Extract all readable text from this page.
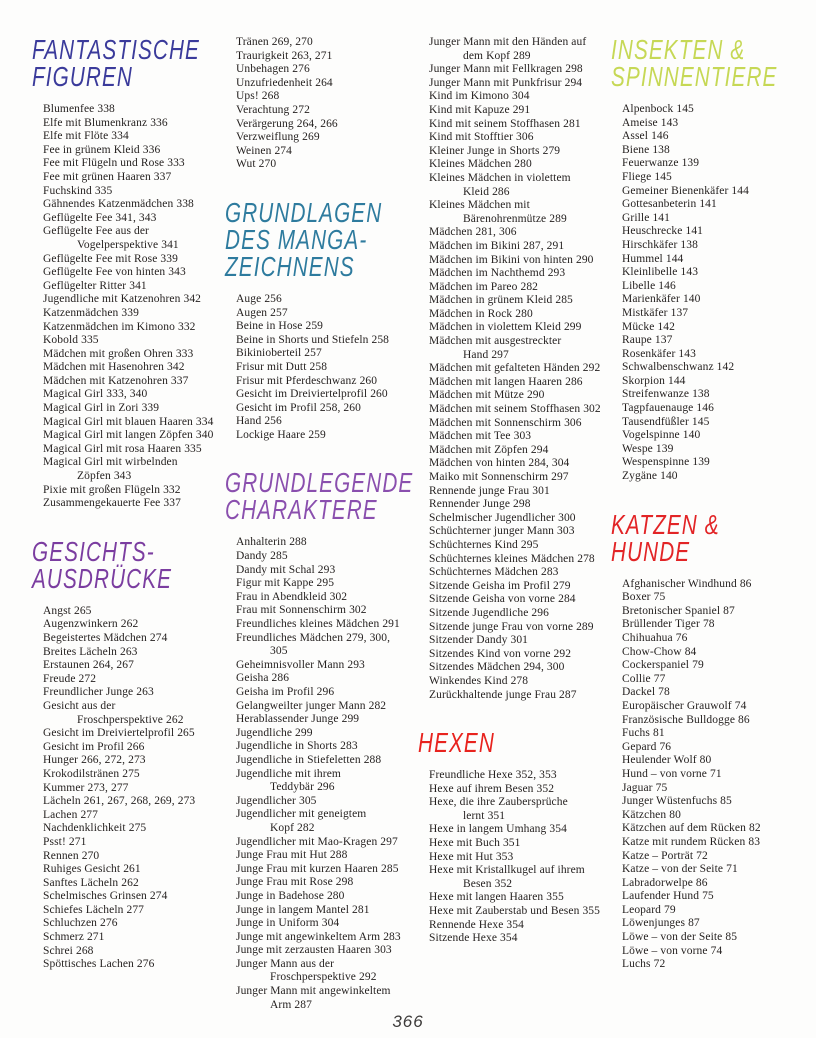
FANTASTISCHE
FIGUREN
Blumenfee 338
Elfe mit Blumenkranz 336
Elfe mit Flöte 334
Fee in grünem Kleid 336
Fee mit Flügeln und Rose 333
Fee mit grünen Haaren 337
Fuchskind 335
Gähnendes Katzenmädchen 338
Geflügelte Fee 341, 343
Geflügelte Fee aus der Vogelperspektive 341
Geflügelte Fee mit Rose 339
Geflügelte Fee von hinten 343
Geflügelter Ritter 341
Jugendliche mit Katzenohren 342
Katzenmädchen 339
Katzenmädchen im Kimono 332
Kobold 335
Mädchen mit großen Ohren 333
Mädchen mit Hasenohren 342
Mädchen mit Katzenohren 337
Magical Girl 333, 340
Magical Girl in Zori 339
Magical Girl mit blauen Haaren 334
Magical Girl mit langen Zöpfen 340
Magical Girl mit rosa Haaren 335
Magical Girl mit wirbelnden Zöpfen 343
Pixie mit großen Flügeln 332
Zusammengekauerte Fee 337
GESICHTS-
AUSDRÜCKE
Angst 265
Augenzwinkern 262
Begeistertes Mädchen 274
Breites Lächeln 263
Erstaunen 264, 267
Freude 272
Freundlicher Junge 263
Gesicht aus der Froschperspektive 262
Gesicht im Dreiviertelprofil 265
Gesicht im Profil 266
Hunger 266, 272, 273
Krokodilstränen 275
Kummer 273, 277
Lächeln 261, 267, 268, 269, 273
Lachen 277
Nachdenklichkeit 275
Psst! 271
Rennen 270
Ruhiges Gesicht 261
Sanftes Lächeln 262
Schelmisches Grinsen 274
Schiefes Lächeln 277
Schluchzen 276
Schmerz 271
Schrei 268
Spöttisches Lachen 276
Tränen 269, 270
Traurigkeit 263, 271
Unbehagen 276
Unzufriedenheit 264
Ups! 268
Verachtung 272
Verärgerung 264, 266
Verzweiflung 269
Weinen 274
Wut 270
GRUNDLAGEN
DES MANGA-
ZEICHNENS
Auge 256
Augen 257
Beine in Hose 259
Beine in Shorts und Stiefeln 258
Bikinioberteil 257
Frisur mit Dutt 258
Frisur mit Pferdeschwanz 260
Gesicht im Dreiviertelprofil 260
Gesicht im Profil 258, 260
Hand 256
Lockige Haare 259
GRUNDLEGENDE
CHARAKTERE
Anhalterin 288
Dandy 285
Dandy mit Schal 293
Figur mit Kappe 295
Frau in Abendkleid 302
Frau mit Sonnenschirm 302
Freundliches kleines Mädchen 291
Freundliches Mädchen 279, 300, 305
Geheimnisvoller Mann 293
Geisha 286
Geisha im Profil 296
Gelangweilter junger Mann 282
Herablassender Junge 299
Jugendliche 299
Jugendliche in Shorts 283
Jugendliche in Stiefeletten 288
Jugendliche mit ihrem Teddybär 296
Jugendlicher 305
Jugendlicher mit geneigtem Kopf 282
Jugendlicher mit Mao-Kragen 297
Junge Frau mit Hut 288
Junge Frau mit kurzen Haaren 285
Junge Frau mit Rose 298
Junge in Badehose 280
Junge in langem Mantel 281
Junge in Uniform 304
Junge mit angewinkeltem Arm 283
Junge mit zerzausten Haaren 303
Junger Mann aus der Froschperspektive 292
Junger Mann mit angewinkeltem Arm 287
Junger Mann mit den Händen auf dem Kopf 289
Junger Mann mit Fellkragen 298
Junger Mann mit Punkfrisur 294
Kind im Kimono 304
Kind mit Kapuze 291
Kind mit seinem Stoffhasen 281
Kind mit Stofftier 306
Kleiner Junge in Shorts 279
Kleines Mädchen 280
Kleines Mädchen in violettem Kleid 286
Kleines Mädchen mit Bärenohrenmütze 289
Mädchen 281, 306
Mädchen im Bikini 287, 291
Mädchen im Bikini von hinten 290
Mädchen im Nachthemd 293
Mädchen im Pareo 282
Mädchen in grünem Kleid 285
Mädchen in Rock 280
Mädchen in violettem Kleid 299
Mädchen mit ausgestreckter Hand 297
Mädchen mit gefalteten Händen 292
Mädchen mit langen Haaren 286
Mädchen mit Mütze 290
Mädchen mit seinem Stoffhasen 302
Mädchen mit Sonnenschirm 306
Mädchen mit Tee 303
Mädchen mit Zöpfen 294
Mädchen von hinten 284, 304
Maiko mit Sonnenschirm 297
Rennende junge Frau 301
Rennender Junge 298
Schelmischer Jugendlicher 300
Schüchterner junger Mann 303
Schüchternes Kind 295
Schüchternes kleines Mädchen 278
Schüchternes Mädchen 283
Sitzende Geisha im Profil 279
Sitzende Geisha von vorne 284
Sitzende Jugendliche 296
Sitzende junge Frau von vorne 289
Sitzender Dandy 301
Sitzendes Kind von vorne 292
Sitzendes Mädchen 294, 300
Winkendes Kind 278
Zurückhaltende junge Frau 287
HEXEN
Freundliche Hexe 352, 353
Hexe auf ihrem Besen 352
Hexe, die ihre Zaubersprüche lernt 351
Hexe in langem Umhang 354
Hexe mit Buch 351
Hexe mit Hut 353
Hexe mit Kristallkugel auf ihrem Besen 352
Hexe mit langen Haaren 355
Hexe mit Zauberstab und Besen 355
Rennende Hexe 354
Sitzende Hexe 354
INSEKTEN &
SPINNENTIERE
Alpenbock 145
Ameise 143
Assel 146
Biene 138
Feuerwanze 139
Fliege 145
Gemeiner Bienenkäfer 144
Gottesanbeterin 141
Grille 141
Heuschrecke 141
Hirschkäfer 138
Hummel 144
Kleinlibelle 143
Libelle 146
Marienkäfer 140
Mistkäfer 137
Mücke 142
Raupe 137
Rosenkäfer 143
Schwalbenschwanz 142
Skorpion 144
Streifenwanze 138
Tagpfauenauge 146
Tausendfüßler 145
Vogelspinne 140
Wespe 139
Wespenspinne 139
Zygäne 140
KATZEN &
HUNDE
Afghanischer Windhund 86
Boxer 75
Bretonischer Spaniel 87
Brüllender Tiger 78
Chihuahua 76
Chow-Chow 84
Cockerspaniel 79
Collie 77
Dackel 78
Europäischer Grauwolf 74
Französische Bulldogge 86
Fuchs 81
Gepard 76
Heulender Wolf 80
Hund – von vorne 71
Jaguar 75
Junger Wüstenfuchs 85
Kätzchen 80
Kätzchen auf dem Rücken 82
Katze mit rundem Rücken 83
Katze – Porträt 72
Katze – von der Seite 71
Labradorwelpe 86
Laufender Hund 75
Leopard 79
Löwenjunges 87
Löwe – von der Seite 85
Löwe – von vorne 74
Luchs 72
366
